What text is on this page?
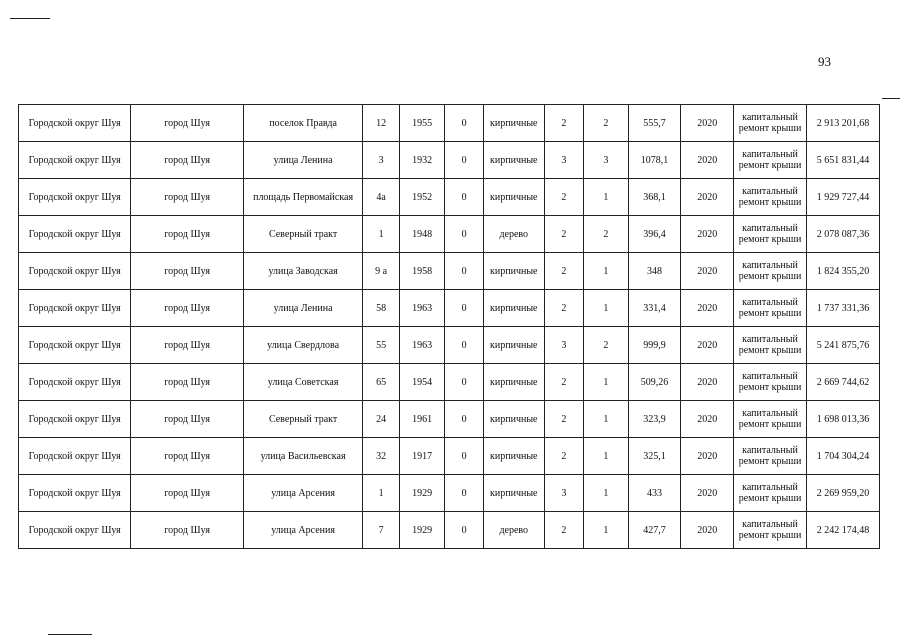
93
Городской округ Шуя	город Шуя	поселок Правда	12	1955	0	кирпичные	2	2	555,7	2020	капитальный ремонт крыши	2 913 201,68
Городской округ Шуя	город Шуя	улица Ленина	3	1932	0	кирпичные	3	3	1078,1	2020	капитальный ремонт крыши	5 651 831,44
Городской округ Шуя	город Шуя	площадь Первомайская	4а	1952	0	кирпичные	2	1	368,1	2020	капитальный ремонт крыши	1 929 727,44
Городской округ Шуя	город Шуя	Северный тракт	1	1948	0	дерево	2	2	396,4	2020	капитальный ремонт крыши	2 078 087,36
Городской округ Шуя	город Шуя	улица Заводская	9 а	1958	0	кирпичные	2	1	348	2020	капитальный ремонт крыши	1 824 355,20
Городской округ Шуя	город Шуя	улица Ленина	58	1963	0	кирпичные	2	1	331,4	2020	капитальный ремонт крыши	1 737 331,36
Городской округ Шуя	город Шуя	улица Свердлова	55	1963	0	кирпичные	3	2	999,9	2020	капитальный ремонт крыши	5 241 875,76
Городской округ Шуя	город Шуя	улица Советская	65	1954	0	кирпичные	2	1	509,26	2020	капитальный ремонт крыши	2 669 744,62
Городской округ Шуя	город Шуя	Северный тракт	24	1961	0	кирпичные	2	1	323,9	2020	капитальный ремонт крыши	1 698 013,36
Городской округ Шуя	город Шуя	улица Васильевская	32	1917	0	кирпичные	2	1	325,1	2020	капитальный ремонт крыши	1 704 304,24
Городской округ Шуя	город Шуя	улица Арсения	1	1929	0	кирпичные	3	1	433	2020	капитальный ремонт крыши	2 269 959,20
Городской округ Шуя	город Шуя	улица Арсения	7	1929	0	дерево	2	1	427,7	2020	капитальный ремонт крыши	2 242 174,48
